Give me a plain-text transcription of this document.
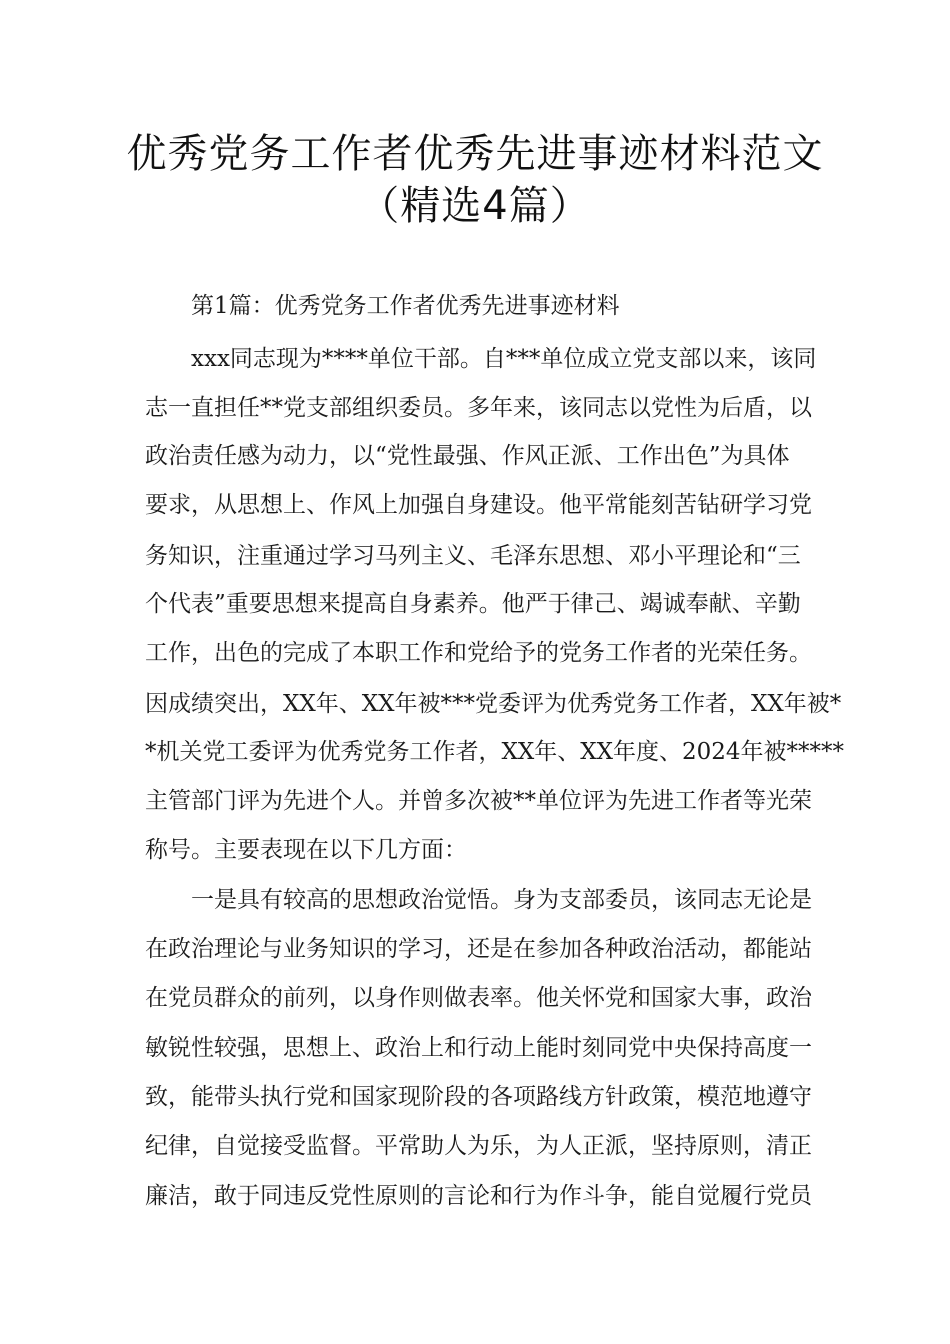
优秀党务工作者优秀先进事迹材料范文
（精选4篇）

第1篇：优秀党务工作者优秀先进事迹材料

xxx同志现为****单位干部。自***单位成立党支部以来，该同

志一直担任**党支部组织委员。多年来，该同志以党性为后盾，以

政治责任感为动力，以“党性最强、作风正派、工作出色”为具体

要求，从思想上、作风上加强自身建设。他平常能刻苦钻研学习党

务知识，注重通过学习马列主义、毛泽东思想、邓小平理论和“三

个代表”重要思想来提高自身素养。他严于律己、竭诚奉献、辛勤

工作，出色的完成了本职工作和党给予的党务工作者的光荣任务。

因成绩突出，XX年、XX年被***党委评为优秀党务工作者，XX年被*

*机关党工委评为优秀党务工作者，XX年、XX年度、2024年被*****

主管部门评为先进个人。并曾多次被**单位评为先进工作者等光荣

称号。主要表现在以下几方面：

一是具有较高的思想政治觉悟。身为支部委员，该同志无论是

在政治理论与业务知识的学习，还是在参加各种政治活动，都能站

在党员群众的前列，以身作则做表率。他关怀党和国家大事，政治

敏锐性较强，思想上、政治上和行动上能时刻同党中央保持高度一

致，能带头执行党和国家现阶段的各项路线方针政策，模范地遵守

纪律，自觉接受监督。平常助人为乐，为人正派，坚持原则，清正

廉洁，敢于同违反党性原则的言论和行为作斗争，能自觉履行党员
